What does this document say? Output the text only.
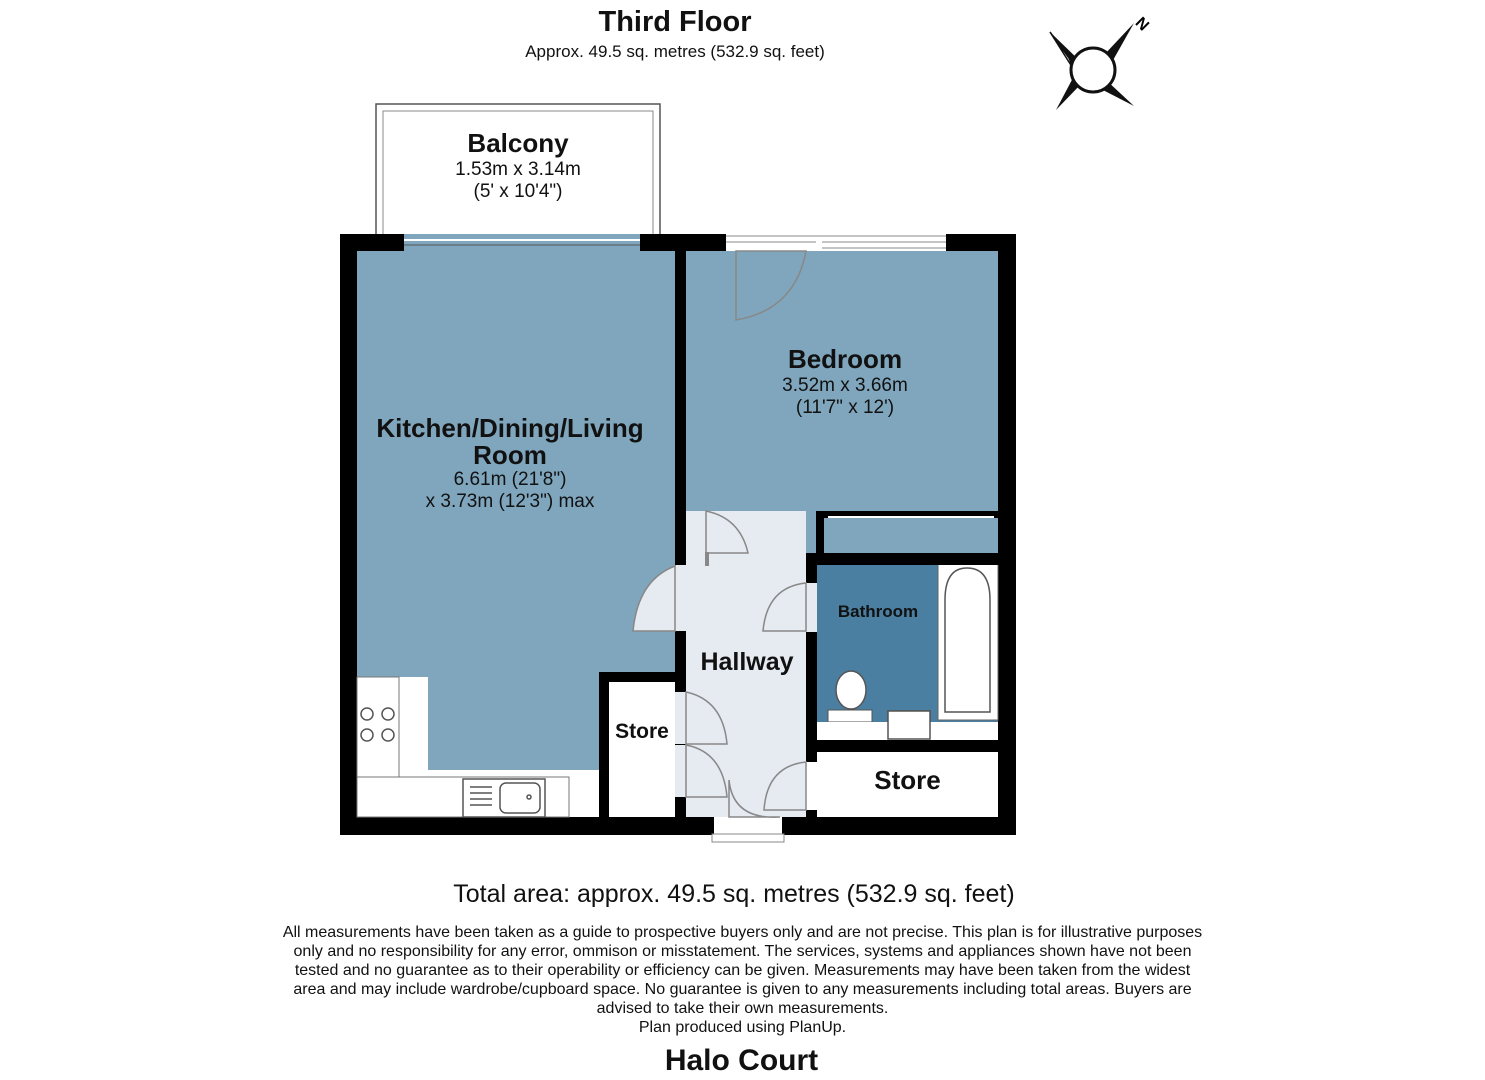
Third Floor
Approx. 49.5 sq. metres (532.9 sq. feet)
N
Balcony
1.53m x 3.14m
(5' x 10'4")
Kitchen/Dining/Living
Room
6.61m (21'8")
x 3.73m (12'3") max
Bedroom
3.52m x 3.66m
(11'7" x 12')
Bathroom
Hallway
Store
Store
Total area: approx. 49.5 sq. metres (532.9 sq. feet)
All measurements have been taken as a guide to prospective buyers only and are not precise. This plan is for illustrative purposes
only and no responsibility for any error, ommison or misstatement. The services, systems and appliances shown have not been
tested and no guarantee as to their operability or efficiency can be given. Measurements may have been taken from the widest
area and may include wardrobe/cupboard space. No guarantee is given to any measurements including total areas. Buyers are
advised to take their own measurements.
Plan produced using PlanUp.
Halo Court
